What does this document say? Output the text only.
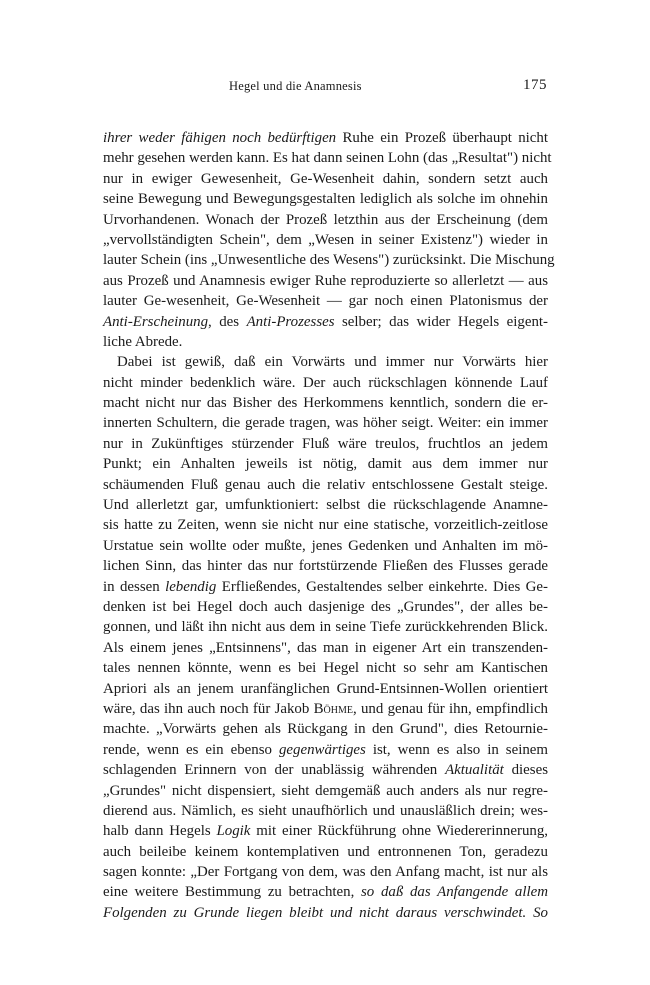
Hegel und die Anamnesis	175
ihrer weder fähigen noch bedürftigen Ruhe ein Prozeß überhaupt nicht
mehr gesehen werden kann. Es hat dann seinen Lohn (das „Resultat") nicht
nur in ewiger Gewesenheit, Ge-Wesenheit dahin, sondern setzt auch
seine Bewegung und Bewegungsgestalten lediglich als solche im ohnehin
Urvorhandenen. Wonach der Prozeß letzthin aus der Erscheinung (dem
„vervollständigten Schein", dem „Wesen in seiner Existenz") wieder in
lauter Schein (ins „Unwesentliche des Wesens") zurücksinkt. Die Mischung
aus Prozeß und Anamnesis ewiger Ruhe reproduzierte so allerletzt — aus
lauter Ge-wesenheit, Ge-Wesenheit — gar noch einen Platonismus der
Anti-Erscheinung, des Anti-Prozesses selber; das wider Hegels eigent-
liche Abrede.
Dabei ist gewiß, daß ein Vorwärts und immer nur Vorwärts hier
nicht minder bedenklich wäre. Der auch rückschlagen könnende Lauf
macht nicht nur das Bisher des Herkommens kenntlich, sondern die er-
innerten Schultern, die gerade tragen, was höher seigt. Weiter: ein immer
nur in Zukünftiges stürzender Fluß wäre treulos, fruchtlos an jedem
Punkt; ein Anhalten jeweils ist nötig, damit aus dem immer nur
schäumenden Fluß genau auch die relativ entschlossene Gestalt steige.
Und allerletzt gar, umfunktioniert: selbst die rückschlagende Anamne-
sis hatte zu Zeiten, wenn sie nicht nur eine statische, vorzeitlich-zeitlose
Urstatue sein wollte oder mußte, jenes Gedenken und Anhalten im mö-
lichen Sinn, das hinter das nur fortstürzende Fließen des Flusses gerade
in dessen lebendig Erfließendes, Gestaltendes selber einkehrte. Dies Ge-
denken ist bei Hegel doch auch dasjenige des „Grundes", der alles be-
gonnen, und läßt ihn nicht aus dem in seine Tiefe zurückkehrenden Blick.
Als einem jenes „Entsinnens", das man in eigener Art ein transzenden-
tales nennen könnte, wenn es bei Hegel nicht so sehr am Kantischen
Apriori als an jenem uranfänglichen Grund-Entsinnen-Wollen orientiert
wäre, das ihn auch noch für Jakob Böhme, und genau für ihn, empfindlich
machte. „Vorwärts gehen als Rückgang in den Grund", dies Retournie-
rende, wenn es ein ebenso gegenwärtiges ist, wenn es also in seinem
schlagenden Erinnern von der unablässig währenden Aktualität dieses
„Grundes" nicht dispensiert, sieht demgemäß auch anders als nur regre-
dierend aus. Nämlich, es sieht unaufhörlich und unausläßlich drein; wes-
halb dann Hegels Logik mit einer Rückführung ohne Wiedererinnerung,
auch beileibe keinem kontemplativen und entronnenen Ton, geradezu
sagen konnte: „Der Fortgang von dem, was den Anfang macht, ist nur als
eine weitere Bestimmung zu betrachten, so daß das Anfangende allem
Folgenden zu Grunde liegen bleibt und nicht daraus verschwindet. So
